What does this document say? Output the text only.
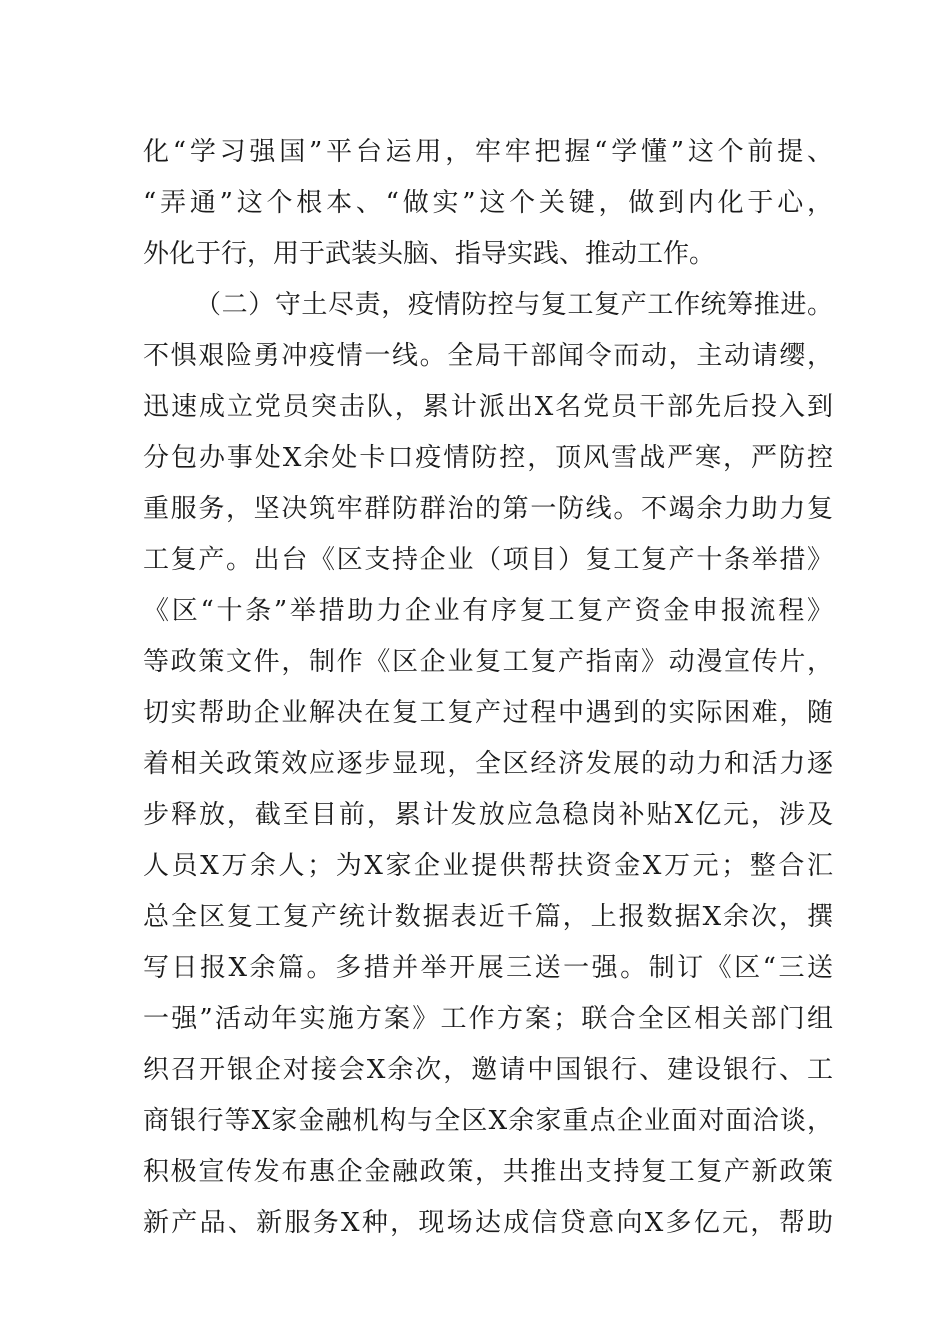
化“学习强国”平台运用，牢牢把握“学懂”这个前提、
“弄通”这个根本、“做实”这个关键，做到内化于心，
外化于行，用于武装头脑、指导实践、推动工作。
（二）守土尽责，疫情防控与复工复产工作统筹推进。
不惧艰险勇冲疫情一线。全局干部闻令而动，主动请缨，
迅速成立党员突击队，累计派出X名党员干部先后投入到
分包办事处X余处卡口疫情防控，顶风雪战严寒，严防控
重服务，坚决筑牢群防群治的第一防线。不竭余力助力复
工复产。出台《区支持企业（项目）复工复产十条举措》
《区“十条”举措助力企业有序复工复产资金申报流程》
等政策文件，制作《区企业复工复产指南》动漫宣传片，
切实帮助企业解决在复工复产过程中遇到的实际困难，随
着相关政策效应逐步显现，全区经济发展的动力和活力逐
步释放，截至目前，累计发放应急稳岗补贴X亿元，涉及
人员X万余人；为X家企业提供帮扶资金X万元；整合汇
总全区复工复产统计数据表近千篇，上报数据X余次，撰
写日报X余篇。多措并举开展三送一强。制订《区“三送
一强”活动年实施方案》工作方案；联合全区相关部门组
织召开银企对接会X余次，邀请中国银行、建设银行、工
商银行等X家金融机构与全区X余家重点企业面对面洽谈，
积极宣传发布惠企金融政策，共推出支持复工复产新政策
新产品、新服务X种，现场达成信贷意向X多亿元，帮助
